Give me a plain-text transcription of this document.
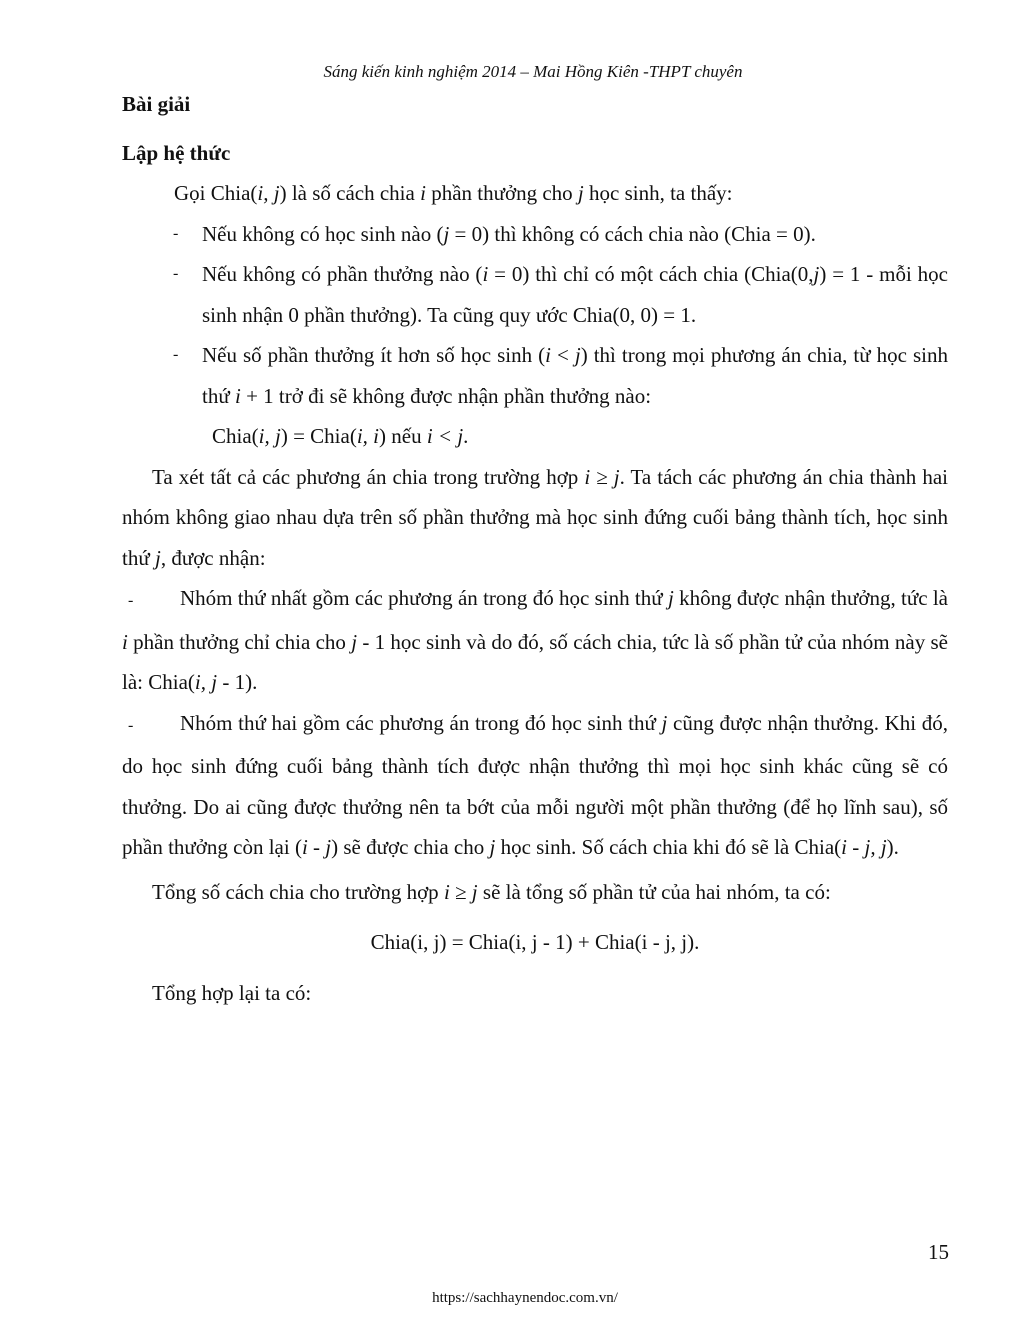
Sáng kiến kinh nghiệm 2014 – Mai Hồng Kiên -THPT chuyên

Bài giải

Lập hệ thức

Gọi Chia(i, j) là số cách chia i phần thưởng cho j học sinh, ta thấy:

-	Nếu không có học sinh nào (j = 0) thì không có cách chia nào (Chia = 0).
-	Nếu không có phần thưởng nào (i = 0) thì chỉ có một cách chia (Chia(0,j) = 1 - mỗi học sinh nhận 0 phần thưởng). Ta cũng quy ước Chia(0, 0) = 1.
-	Nếu số phần thưởng ít hơn số học sinh (i < j) thì trong mọi phương án chia, từ học sinh thứ i + 1 trở đi sẽ không được nhận phần thưởng nào:

Chia(i, j) = Chia(i, i) nếu i < j.

Ta xét tất cả các phương án chia trong trường hợp i ≥ j. Ta tách các phương án chia thành hai nhóm không giao nhau dựa trên số phần thưởng mà học sinh đứng cuối bảng thành tích, học sinh thứ j, được nhận:

- Nhóm thứ nhất gồm các phương án trong đó học sinh thứ j không được nhận thưởng, tức là i phần thưởng chỉ chia cho j - 1 học sinh và do đó, số cách chia, tức là số phần tử của nhóm này sẽ là: Chia(i, j - 1).

- Nhóm thứ hai gồm các phương án trong đó học sinh thứ j cũng được nhận thưởng. Khi đó, do học sinh đứng cuối bảng thành tích được nhận thưởng thì mọi học sinh khác cũng sẽ có thưởng. Do ai cũng được thưởng nên ta bớt của mỗi người một phần thưởng (để họ lĩnh sau), số phần thưởng còn lại (i - j) sẽ được chia cho j học sinh. Số cách chia khi đó sẽ là Chia(i - j, j).

Tổng số cách chia cho trường hợp i ≥ j sẽ là tổng số phần tử của hai nhóm, ta có:

Chia(i, j) = Chia(i, j - 1) + Chia(i - j, j).

Tổng hợp lại ta có:

15
https://sachhaynendoc.com.vn/
